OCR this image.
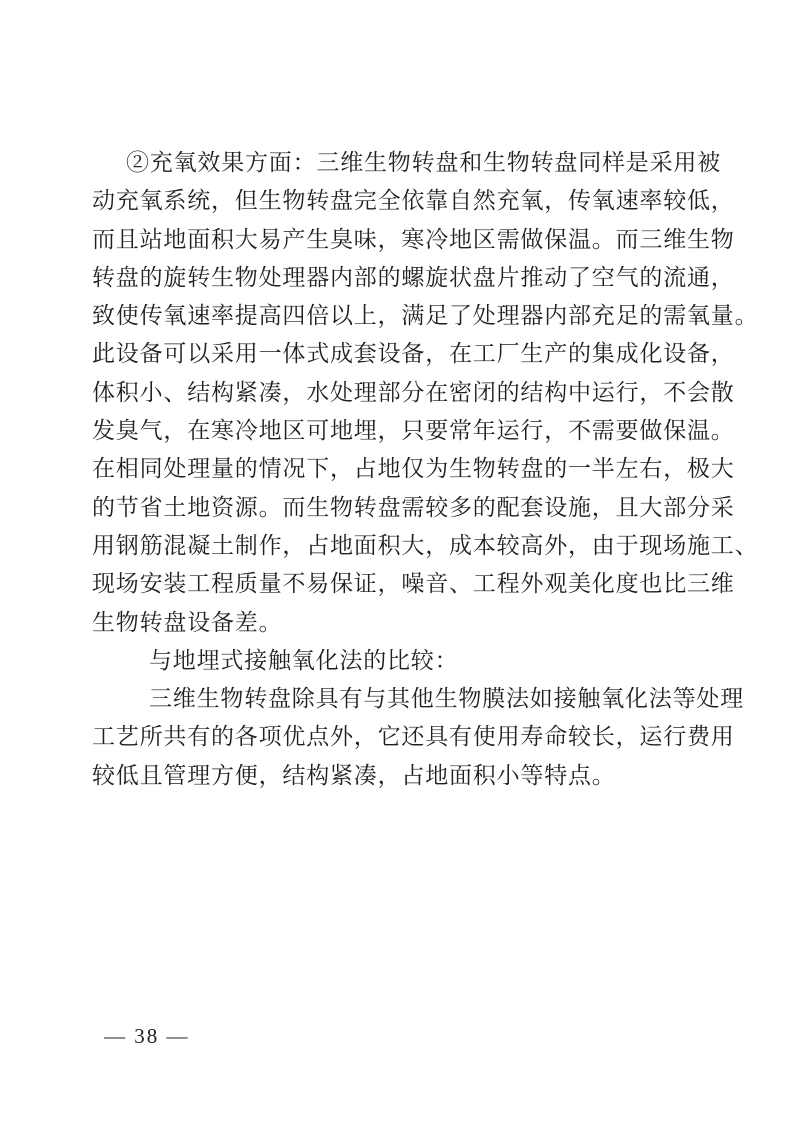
②充氧效果方面：三维生物转盘和生物转盘同样是采用被
动充氧系统，但生物转盘完全依靠自然充氧，传氧速率较低，
而且站地面积大易产生臭味，寒冷地区需做保温。而三维生物
转盘的旋转生物处理器内部的螺旋状盘片推动了空气的流通，
致使传氧速率提高四倍以上，满足了处理器内部充足的需氧量。
此设备可以采用一体式成套设备，在工厂生产的集成化设备，
体积小、结构紧凑，水处理部分在密闭的结构中运行，不会散
发臭气，在寒冷地区可地埋，只要常年运行，不需要做保温。
在相同处理量的情况下，占地仅为生物转盘的一半左右，极大
的节省土地资源。而生物转盘需较多的配套设施，且大部分采
用钢筋混凝土制作，占地面积大，成本较高外，由于现场施工、
现场安装工程质量不易保证，噪音、工程外观美化度也比三维
生物转盘设备差。
与地埋式接触氧化法的比较：
三维生物转盘除具有与其他生物膜法如接触氧化法等处理
工艺所共有的各项优点外，它还具有使用寿命较长，运行费用
较低且管理方便，结构紧凑，占地面积小等特点。
— 38 —
